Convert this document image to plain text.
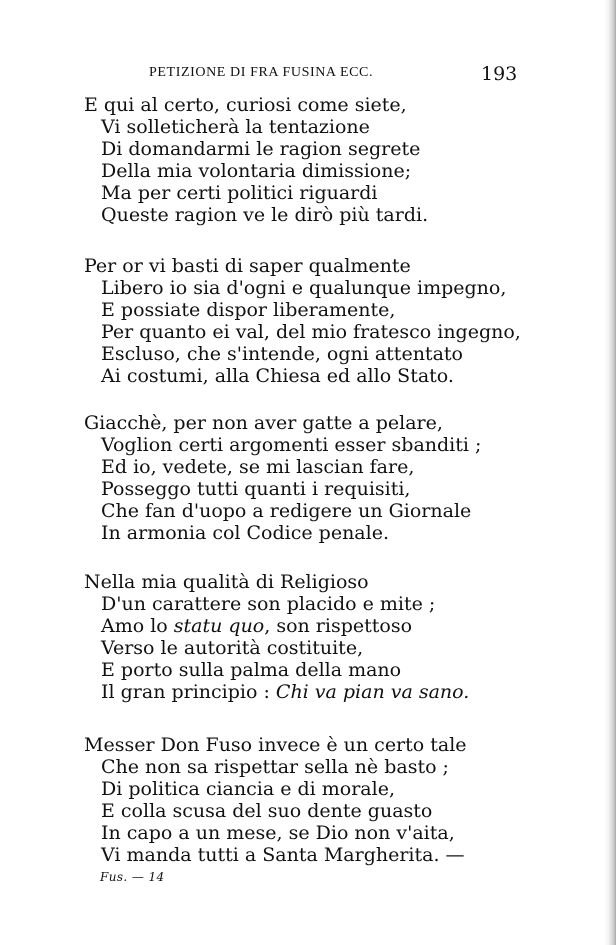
PETIZIONE DI FRA FUSINA ECC.	193
E qui al certo, curiosi come siete,
Vi solleticherà la tentazione
Di domandarmi le ragion segrete
Della mia volontaria dimissione;
Ma per certi politici riguardi
Queste ragion ve le dirò più tardi.
Per or vi basti di saper qualmente
Libero io sia d'ogni e qualunque impegno,
E possiate dispor liberamente,
Per quanto ei val, del mio fratesco ingegno,
Escluso, che s'intende, ogni attentato
Ai costumi, alla Chiesa ed allo Stato.
Giacchè, per non aver gatte a pelare,
Voglion certi argomenti esser sbanditi ;
Ed io, vedete, se mi lascian fare,
Posseggo tutti quanti i requisiti,
Che fan d'uopo a redigere un Giornale
In armonia col Codice penale.
Nella mia qualità di Religioso
D'un carattere son placido e mite ;
Amo lo statu quo, son rispettoso
Verso le autorità costituite,
E porto sulla palma della mano
Il gran principio : Chi va pian va sano.
Messer Don Fuso invece è un certo tale
Che non sa rispettar sella nè basto ;
Di politica ciancia e di morale,
E colla scusa del suo dente guasto
In capo a un mese, se Dio non v'aita,
Vi manda tutti a Santa Margherita. —
Fus. — 14
